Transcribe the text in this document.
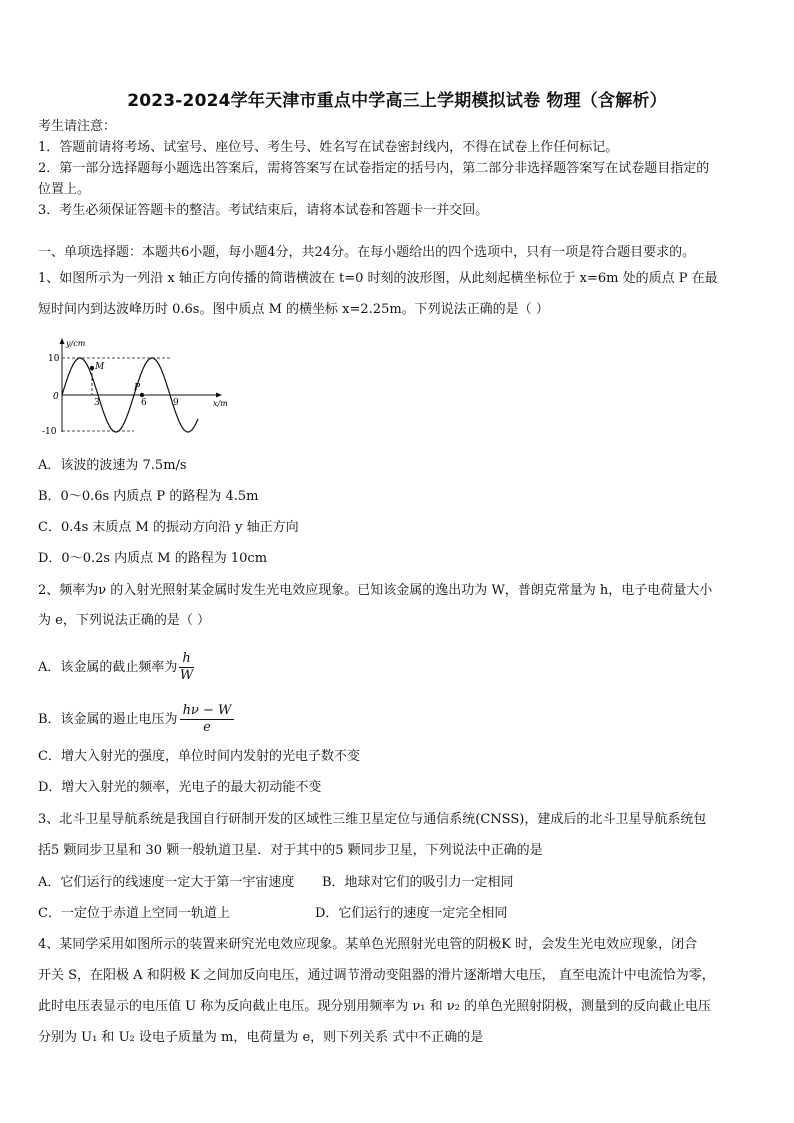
2023-2024学年天津市重点中学高三上学期模拟试卷 物理（含解析）
考生请注意：
1．答题前请将考场、试室号、座位号、考生号、姓名写在试卷密封线内，不得在试卷上作任何标记。
2．第一部分选择题每小题选出答案后，需将答案写在试卷指定的括号内，第二部分非选择题答案写在试卷题目指定的
位置上。
3．考生必须保证答题卡的整洁。考试结束后，请将本试卷和答题卡一并交回。
一、单项选择题：本题共6小题，每小题4分，共24分。在每小题给出的四个选项中，只有一项是符合题目要求的。
1、如图所示为一列沿 x 轴正方向传播的简谐横波在 t=0 时刻的波形图，从此刻起横坐标位于 x=6m 处的质点 P 在最
短时间内到达波峰历时 0.6s。图中质点 M 的横坐标 x=2.25m。下列说法正确的是（ ）
y/cm
x/m
10
0
-10
3	6	9
M
P
A．该波的波速为 7.5m/s
B．0～0.6s 内质点 P 的路程为 4.5m
C．0.4s 末质点 M 的振动方向沿 y 轴正方向
D．0～0.2s 内质点 M 的路程为 10cm
2、频率为ν 的入射光照射某金属时发生光电效应现象。已知该金属的逸出功为 W，普朗克常量为 h，电子电荷量大小
为 e，下列说法正确的是（ ）
A．该金属的截止频率为 $\frac{h}{W}$
B．该金属的遏止电压为 $\frac{h\nu - W}{e}$
C．增大入射光的强度，单位时间内发射的光电子数不变
D．增大入射光的频率，光电子的最大初动能不变
3、北斗卫星导航系统是我国自行研制开发的区域性三维卫星定位与通信系统(CNSS)，建成后的北斗卫星导航系统包
括5 颗同步卫星和 30 颗一般轨道卫星．对于其中的5 颗同步卫星，下列说法中正确的是
A．它们运行的线速度一定大于第一宇宙速度 B．地球对它们的吸引力一定相同
C．一定位于赤道上空同一轨道上	D．它们运行的速度一定完全相同
4、某同学采用如图所示的装置来研究光电效应现象。某单色光照射光电管的阴极K 时，会发生光电效应现象，闭合
开关 S，在阳极 A 和阴极 K 之间加反向电压，通过调节滑动变阻器的滑片逐渐增大电压， 直至电流计中电流恰为零，
此时电压表显示的电压值 U 称为反向截止电压。现分别用频率为 ν₁ 和 ν₂ 的单色光照射阴极，测量到的反向截止电压
分别为 U₁ 和 U₂ 设电子质量为 m，电荷量为 e，则下列关系 式中不正确的是
